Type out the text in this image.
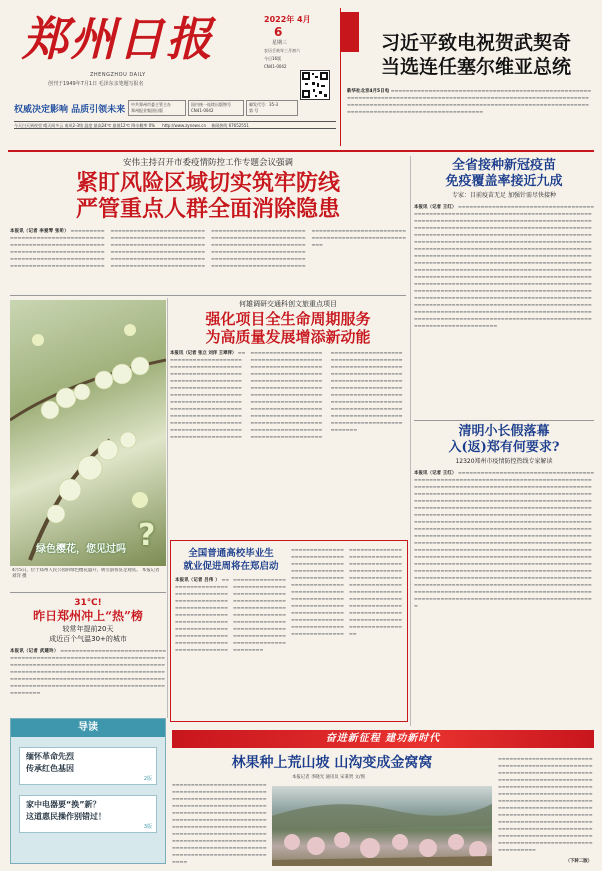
郑州日报
ZHENGZHOU DAILY
创刊于1949年7月1日 毛泽东亲笔题写报名
2022年 4月
6
星期三
农历壬寅年三月初六
今日16版
CN41-0042
权威决定影响 品质引领未来
中共郑州市委主管主办
郑州报业集团出版
国内统一连续出版物号
CN41-0042
邮发代号：35-3
第 号
今天白天到夜里 晴天间多云 南风2-3级 温度 最高24℃ 最低12℃ 降水概率 0% http://www.zynews.cn 新闻热线 67652551
习近平致电祝贺武契奇
当选连任塞尔维亚总统
新华社北京4月5日电 ▬▬▬▬▬▬▬▬▬▬▬▬▬▬▬▬▬▬▬▬▬▬▬▬▬▬▬▬▬▬▬▬▬▬▬▬▬▬▬▬▬▬▬▬▬▬▬▬▬▬▬▬▬▬▬▬▬▬▬▬▬▬▬▬▬▬▬▬▬▬▬▬▬▬▬▬▬▬▬▬▬▬▬▬▬▬▬▬▬▬▬▬▬▬▬▬▬▬▬▬▬▬▬▬▬▬▬▬▬▬▬▬▬▬▬▬▬▬▬▬▬▬▬▬▬▬▬▬▬▬▬▬▬▬▬▬▬▬▬▬▬▬▬▬▬▬▬▬▬▬▬▬▬▬▬▬▬▬▬▬▬▬▬▬▬▬▬▬▬▬▬▬▬▬▬▬▬▬▬▬▬▬▬▬▬▬▬▬▬▬▬▬▬▬▬▬▬▬▬▬▬▬▬▬▬▬▬▬▬▬▬▬▬▬▬▬▬
安伟主持召开市委疫情防控工作专题会议强调
紧盯风险区域切实筑牢防线
严管重点人群全面消除隐患
本报讯（记者 李爱琴 张昕） ▬▬▬▬▬▬▬▬▬▬▬▬▬▬▬▬▬▬▬▬▬▬▬▬▬▬▬▬▬▬▬▬▬▬▬▬▬▬▬▬▬▬▬▬▬▬▬▬▬▬▬▬▬▬▬▬▬▬▬▬▬▬▬▬▬▬▬▬▬▬▬▬▬▬▬▬▬▬▬▬▬▬▬▬▬▬▬▬▬▬▬▬▬▬▬▬▬▬▬▬▬▬▬▬▬▬▬▬▬▬▬▬▬▬▬▬▬▬▬▬▬▬▬▬▬▬▬▬▬▬▬▬▬▬▬▬▬▬▬▬▬▬▬▬▬▬▬▬▬▬▬▬▬▬▬▬▬▬▬▬▬▬▬▬▬▬▬▬▬▬▬▬▬▬▬▬▬▬▬▬▬▬▬▬▬▬▬▬▬▬▬▬▬▬▬▬▬▬▬▬▬▬▬▬▬▬▬▬▬▬▬▬▬▬▬▬▬▬▬▬▬▬▬▬▬▬▬▬▬▬▬▬▬▬▬▬▬▬▬▬▬▬▬▬▬▬▬▬▬▬▬▬▬▬▬▬▬▬▬▬▬▬▬▬▬▬▬▬▬▬▬▬▬▬▬▬▬▬▬▬▬▬▬▬▬▬▬▬▬▬▬▬▬▬▬▬▬▬▬▬▬▬▬▬▬▬▬▬▬▬▬▬▬▬▬▬▬▬▬▬▬▬▬▬▬▬▬▬▬▬▬▬▬▬▬▬▬▬▬▬▬▬▬▬▬▬▬▬▬▬▬▬▬▬▬▬▬▬▬▬▬▬▬▬▬▬▬▬▬▬▬▬▬▬▬▬▬▬▬▬▬▬▬▬▬▬▬▬▬▬▬▬▬▬▬▬▬▬▬▬▬▬▬▬▬▬▬▬▬▬▬▬▬▬▬▬▬▬▬▬▬▬▬▬▬▬▬▬▬▬▬▬▬▬▬▬▬▬▬▬▬▬▬▬▬▬▬▬▬▬▬▬▬▬▬▬▬▬▬▬▬▬▬▬▬▬▬▬▬▬▬▬▬▬▬▬▬▬▬▬▬▬▬▬▬▬▬
何雄调研交通科创文旅重点项目
强化项目全生命周期服务
为高质量发展增添新动能
本报讯（记者 张立 刘洋 王翠萍） ▬▬▬▬▬▬▬▬▬▬▬▬▬▬▬▬▬▬▬▬▬▬▬▬▬▬▬▬▬▬▬▬▬▬▬▬▬▬▬▬▬▬▬▬▬▬▬▬▬▬▬▬▬▬▬▬▬▬▬▬▬▬▬▬▬▬▬▬▬▬▬▬▬▬▬▬▬▬▬▬▬▬▬▬▬▬▬▬▬▬▬▬▬▬▬▬▬▬▬▬▬▬▬▬▬▬▬▬▬▬▬▬▬▬▬▬▬▬▬▬▬▬▬▬▬▬▬▬▬▬▬▬▬▬▬▬▬▬▬▬▬▬▬▬▬▬▬▬▬▬▬▬▬▬▬▬▬▬▬▬▬▬▬▬▬▬▬▬▬▬▬▬▬▬▬▬▬▬▬▬▬▬▬▬▬▬▬▬▬▬▬▬▬▬▬▬▬▬▬▬▬▬▬▬▬▬▬▬▬▬▬▬▬▬▬▬▬▬▬▬▬▬▬▬▬▬▬▬▬▬▬▬▬▬▬▬▬▬▬▬▬▬▬▬▬▬▬▬▬▬▬▬▬▬▬▬▬▬▬▬▬▬▬▬▬▬▬▬▬▬▬▬▬▬▬▬▬▬▬▬▬▬▬▬▬▬▬▬▬▬▬▬▬▬▬▬▬▬▬▬▬▬▬▬▬▬▬▬▬▬▬▬▬▬▬▬▬▬▬▬▬▬▬▬▬▬▬▬▬▬▬▬▬▬▬▬▬▬▬▬▬▬▬▬▬▬▬▬▬▬▬▬▬▬▬▬▬▬▬▬▬▬▬▬▬▬▬▬▬▬▬▬▬▬▬▬▬▬▬▬▬▬▬▬▬▬▬▬▬▬▬▬▬▬▬▬▬▬▬▬▬▬▬▬▬▬▬▬▬▬▬▬▬▬▬▬▬▬▬▬▬▬▬▬▬▬▬▬▬▬▬▬▬▬▬▬▬▬▬▬▬▬▬▬▬▬▬▬▬▬▬▬▬▬▬▬▬▬▬▬▬▬▬▬▬▬▬▬▬▬▬▬▬▬▬▬▬▬▬▬▬▬▬▬▬▬▬▬▬▬▬▬▬▬▬▬▬▬▬▬▬▬▬▬▬▬▬▬▬▬▬▬▬▬▬▬▬▬▬▬▬▬▬▬▬▬▬▬▬▬▬▬▬▬▬▬▬▬▬▬▬▬▬▬▬▬▬▬▬▬▬▬▬▬▬▬▬▬▬▬▬▬▬▬▬▬▬▬▬▬▬▬▬▬▬▬▬▬▬▬▬▬▬▬▬▬▬▬▬▬▬▬▬▬▬▬▬▬▬▬▬▬▬▬▬▬▬▬▬▬▬▬▬▬▬▬▬▬▬▬▬▬▬▬▬▬▬▬▬▬▬▬▬▬▬▬▬▬▬▬▬▬▬▬▬▬▬▬▬▬▬▬▬▬▬▬▬▬▬▬▬▬▬▬▬▬▬▬▬▬▬▬▬▬▬▬▬▬▬▬▬▬▬▬▬▬▬▬▬▬▬▬▬
绿色樱花，您见过吗 ?
4月5日，位于郑州人民公园的绿色樱花盛开，吸引游客驻足观赏。 本报记者 刘洋 摄
31℃!
昨日郑州冲上“热”榜
较常年提前20天
成近百个气温30+的城市
本报讯（记者 武建玲） ▬▬▬▬▬▬▬▬▬▬▬▬▬▬▬▬▬▬▬▬▬▬▬▬▬▬▬▬▬▬▬▬▬▬▬▬▬▬▬▬▬▬▬▬▬▬▬▬▬▬▬▬▬▬▬▬▬▬▬▬▬▬▬▬▬▬▬▬▬▬▬▬▬▬▬▬▬▬▬▬▬▬▬▬▬▬▬▬▬▬▬▬▬▬▬▬▬▬▬▬▬▬▬▬▬▬▬▬▬▬▬▬▬▬▬▬▬▬▬▬▬▬▬▬▬▬▬▬▬▬▬▬▬▬▬▬▬▬▬▬▬▬▬▬▬▬▬▬▬▬▬▬▬▬▬▬▬▬▬▬▬▬▬▬▬▬▬▬▬▬▬▬▬▬▬▬▬▬▬▬▬▬▬▬▬▬▬▬▬▬▬▬▬▬▬▬▬▬▬▬▬▬▬▬▬▬▬▬▬▬▬▬▬▬▬▬▬▬▬▬▬▬▬▬▬▬▬▬▬▬▬▬▬▬▬▬▬▬▬▬▬
全国普通高校毕业生
就业促进周将在郑启动
本报讯（记者 吕伟 ） ▬▬▬▬▬▬▬▬▬▬▬▬▬▬▬▬▬▬▬▬▬▬▬▬▬▬▬▬▬▬▬▬▬▬▬▬▬▬▬▬▬▬▬▬▬▬▬▬▬▬▬▬▬▬▬▬▬▬▬▬▬▬▬▬▬▬▬▬▬▬▬▬▬▬▬▬▬▬▬▬▬▬▬▬▬▬▬▬▬▬▬▬▬▬▬▬▬▬▬▬▬▬▬▬▬▬▬▬▬▬▬▬▬▬▬▬▬▬▬▬▬▬▬▬▬▬▬▬▬▬▬▬▬▬▬▬▬▬▬▬▬▬▬▬▬▬▬▬▬▬▬▬▬▬▬▬▬▬▬▬▬▬▬▬▬▬▬▬▬▬▬▬▬▬▬▬▬▬▬▬▬▬▬▬▬▬▬▬▬▬▬▬▬▬▬▬▬▬▬▬▬▬▬▬▬▬▬▬▬▬▬▬▬▬▬▬▬▬▬▬▬▬▬▬▬▬▬▬▬▬▬▬▬▬▬▬▬▬▬▬▬▬▬▬▬▬▬▬▬▬▬▬▬▬▬▬▬▬▬▬▬▬▬▬▬▬▬▬▬▬▬▬▬▬▬▬▬▬▬▬▬▬▬▬▬▬▬▬▬▬
▬▬▬▬▬▬▬▬▬▬▬▬▬▬▬▬▬▬▬▬▬▬▬▬▬▬▬▬▬▬▬▬▬▬▬▬▬▬▬▬▬▬▬▬▬▬▬▬▬▬▬▬▬▬▬▬▬▬▬▬▬▬▬▬▬▬▬▬▬▬▬▬▬▬▬▬▬▬▬▬▬▬▬▬▬▬▬▬▬▬▬▬▬▬▬▬▬▬▬▬▬▬▬▬▬▬▬▬▬▬▬▬▬▬▬▬▬▬▬▬▬▬▬▬▬▬▬▬▬▬▬▬▬▬▬▬▬▬▬▬▬▬▬▬▬▬▬▬▬▬▬▬▬▬▬▬▬▬▬▬▬▬▬▬▬▬▬▬▬▬▬▬▬▬▬▬▬▬▬▬▬▬▬▬▬▬▬▬▬▬▬▬▬▬▬▬▬▬▬▬▬▬▬▬▬▬▬▬▬▬▬▬▬▬▬▬▬▬▬▬▬▬▬▬▬▬▬▬▬▬▬▬▬▬▬▬▬▬▬▬▬▬▬▬▬▬▬▬▬▬▬▬▬▬▬▬▬▬▬▬▬▬▬▬▬▬▬▬▬▬▬▬▬▬▬▬▬▬▬▬▬▬▬▬▬▬▬▬▬▬▬▬▬▬▬▬▬▬▬▬▬▬▬▬▬▬▬▬▬▬▬▬▬▬▬▬▬▬▬▬▬▬▬▬▬▬▬▬▬▬▬▬▬▬▬▬▬▬▬▬▬▬▬▬▬▬▬▬▬▬▬▬
全省接种新冠疫苗
免疫覆盖率接近九成
专家：目前疫苗无足 加强针需尽快接种
本报讯（记者 王红） ▬▬▬▬▬▬▬▬▬▬▬▬▬▬▬▬▬▬▬▬▬▬▬▬▬▬▬▬▬▬▬▬▬▬▬▬▬▬▬▬▬▬▬▬▬▬▬▬▬▬▬▬▬▬▬▬▬▬▬▬▬▬▬▬▬▬▬▬▬▬▬▬▬▬▬▬▬▬▬▬▬▬▬▬▬▬▬▬▬▬▬▬▬▬▬▬▬▬▬▬▬▬▬▬▬▬▬▬▬▬▬▬▬▬▬▬▬▬▬▬▬▬▬▬▬▬▬▬▬▬▬▬▬▬▬▬▬▬▬▬▬▬▬▬▬▬▬▬▬▬▬▬▬▬▬▬▬▬▬▬▬▬▬▬▬▬▬▬▬▬▬▬▬▬▬▬▬▬▬▬▬▬▬▬▬▬▬▬▬▬▬▬▬▬▬▬▬▬▬▬▬▬▬▬▬▬▬▬▬▬▬▬▬▬▬▬▬▬▬▬▬▬▬▬▬▬▬▬▬▬▬▬▬▬▬▬▬▬▬▬▬▬▬▬▬▬▬▬▬▬▬▬▬▬▬▬▬▬▬▬▬▬▬▬▬▬▬▬▬▬▬▬▬▬▬▬▬▬▬▬▬▬▬▬▬▬▬▬▬▬▬▬▬▬▬▬▬▬▬▬▬▬▬▬▬▬▬▬▬▬▬▬▬▬▬▬▬▬▬▬▬▬▬▬▬▬▬▬▬▬▬▬▬▬▬▬▬▬▬▬▬▬▬▬▬▬▬▬▬▬▬▬▬▬▬▬▬▬▬▬▬▬▬▬▬▬▬▬▬▬▬▬▬▬▬▬▬▬▬▬▬▬▬▬▬▬▬▬▬▬▬▬▬▬▬▬▬▬▬▬▬▬▬▬▬▬▬▬▬▬▬▬▬▬▬▬▬▬▬▬▬▬▬▬▬▬▬▬▬▬▬▬▬▬▬▬▬▬▬▬▬▬▬▬▬▬▬▬▬▬▬▬▬▬▬▬▬▬▬▬▬▬▬▬▬▬▬▬▬▬▬▬▬▬▬▬▬▬▬▬▬▬▬▬▬▬▬▬▬▬▬▬▬▬▬▬▬▬▬▬▬▬▬▬▬▬▬▬▬▬▬▬▬▬▬▬▬▬▬▬▬▬▬▬▬▬▬▬▬▬▬▬▬▬▬▬▬▬▬▬▬▬▬▬▬▬▬▬▬▬▬▬▬▬▬▬▬▬▬▬▬▬▬▬▬▬▬▬▬▬▬▬▬▬▬▬▬▬▬▬▬▬▬▬▬▬▬▬▬▬▬▬▬▬▬▬▬▬▬▬▬▬▬▬▬▬▬▬▬▬▬▬▬▬▬▬▬▬▬▬▬▬▬▬▬▬▬▬▬▬▬▬▬▬▬▬▬▬▬▬▬▬▬▬▬▬▬▬▬▬▬▬▬▬▬▬▬▬▬▬▬▬▬▬▬▬▬▬▬▬▬▬▬▬▬▬▬▬▬▬▬▬▬▬▬▬▬▬▬▬▬▬▬▬▬▬▬▬▬▬▬▬▬▬▬▬▬▬▬▬▬▬▬▬▬▬▬▬▬▬▬▬▬▬▬▬▬▬▬▬▬▬▬▬▬▬▬▬▬▬▬▬▬▬▬▬▬▬▬▬▬▬▬▬▬▬▬▬▬▬▬▬▬▬▬▬▬▬▬▬▬▬▬▬▬▬▬▬▬▬▬▬▬▬▬▬▬▬▬▬▬▬▬▬▬▬▬▬▬▬▬▬▬▬▬▬▬▬▬▬
清明小长假落幕
入(返)郑有何要求?
12320郑州市疫情防控热线专家解读
本报讯（记者 王红） ▬▬▬▬▬▬▬▬▬▬▬▬▬▬▬▬▬▬▬▬▬▬▬▬▬▬▬▬▬▬▬▬▬▬▬▬▬▬▬▬▬▬▬▬▬▬▬▬▬▬▬▬▬▬▬▬▬▬▬▬▬▬▬▬▬▬▬▬▬▬▬▬▬▬▬▬▬▬▬▬▬▬▬▬▬▬▬▬▬▬▬▬▬▬▬▬▬▬▬▬▬▬▬▬▬▬▬▬▬▬▬▬▬▬▬▬▬▬▬▬▬▬▬▬▬▬▬▬▬▬▬▬▬▬▬▬▬▬▬▬▬▬▬▬▬▬▬▬▬▬▬▬▬▬▬▬▬▬▬▬▬▬▬▬▬▬▬▬▬▬▬▬▬▬▬▬▬▬▬▬▬▬▬▬▬▬▬▬▬▬▬▬▬▬▬▬▬▬▬▬▬▬▬▬▬▬▬▬▬▬▬▬▬▬▬▬▬▬▬▬▬▬▬▬▬▬▬▬▬▬▬▬▬▬▬▬▬▬▬▬▬▬▬▬▬▬▬▬▬▬▬▬▬▬▬▬▬▬▬▬▬▬▬▬▬▬▬▬▬▬▬▬▬▬▬▬▬▬▬▬▬▬▬▬▬▬▬▬▬▬▬▬▬▬▬▬▬▬▬▬▬▬▬▬▬▬▬▬▬▬▬▬▬▬▬▬▬▬▬▬▬▬▬▬▬▬▬▬▬▬▬▬▬▬▬▬▬▬▬▬▬▬▬▬▬▬▬▬▬▬▬▬▬▬▬▬▬▬▬▬▬▬▬▬▬▬▬▬▬▬▬▬▬▬▬▬▬▬▬▬▬▬▬▬▬▬▬▬▬▬▬▬▬▬▬▬▬▬▬▬▬▬▬▬▬▬▬▬▬▬▬▬▬▬▬▬▬▬▬▬▬▬▬▬▬▬▬▬▬▬▬▬▬▬▬▬▬▬▬▬▬▬▬▬▬▬▬▬▬▬▬▬▬▬▬▬▬▬▬▬▬▬▬▬▬▬▬▬▬▬▬▬▬▬▬▬▬▬▬▬▬▬▬▬▬▬▬▬▬▬▬▬▬▬▬▬▬▬▬▬▬▬▬▬▬▬▬▬▬▬▬▬▬▬▬▬▬▬▬▬▬▬▬▬▬▬▬▬▬▬▬▬▬▬▬▬▬▬▬▬▬▬▬▬▬▬▬▬▬▬▬▬▬▬▬▬▬▬▬▬▬▬▬▬▬▬▬▬▬▬▬▬▬▬▬▬▬▬▬▬▬▬▬▬▬▬▬▬▬▬▬▬▬▬▬▬▬▬▬▬▬▬▬▬▬▬▬▬▬▬▬▬▬▬▬▬▬▬▬▬▬▬▬▬▬▬▬▬▬▬▬▬▬▬▬▬▬▬▬▬▬▬▬▬▬▬▬▬▬▬▬▬▬▬▬▬▬▬▬▬▬▬▬▬▬▬▬▬▬▬▬▬▬▬▬▬▬▬▬▬▬▬▬▬▬▬▬▬▬▬▬▬▬▬▬▬▬▬▬▬▬▬▬▬▬▬▬▬▬▬▬▬▬▬▬▬▬▬▬▬▬▬▬▬▬▬▬▬▬▬▬▬▬▬▬▬▬▬▬▬▬▬▬▬▬▬▬▬▬▬▬▬▬▬▬▬▬▬▬▬▬▬▬▬▬▬▬▬▬▬▬▬▬▬▬▬▬▬▬▬▬▬▬▬▬▬▬▬▬▬▬▬▬▬▬▬▬▬▬▬▬▬▬▬▬▬▬▬▬▬▬▬▬▬▬▬▬▬▬▬▬▬▬▬▬▬▬▬▬▬▬▬▬▬▬▬▬▬▬▬▬▬▬▬▬▬▬▬▬▬▬▬▬▬▬▬▬▬▬▬▬▬▬▬▬▬▬▬▬▬▬▬▬▬▬▬▬▬▬▬▬▬▬
导读
缅怀革命先烈
传承红色基因
2版
家中电器要“换”新？
这道惠民操作别错过！
3版
奋进新征程 建功新时代
林果种上荒山坡 山沟变成金窝窝
本报记者 李晓光 通讯员 宋秉贤 文/图
▬▬▬▬▬▬▬▬▬▬▬▬▬▬▬▬▬▬▬▬▬▬▬▬▬▬▬▬▬▬▬▬▬▬▬▬▬▬▬▬▬▬▬▬▬▬▬▬▬▬▬▬▬▬▬▬▬▬▬▬▬▬▬▬▬▬▬▬▬▬▬▬▬▬▬▬▬▬▬▬▬▬▬▬▬▬▬▬▬▬▬▬▬▬▬▬▬▬▬▬▬▬▬▬▬▬▬▬▬▬▬▬▬▬▬▬▬▬▬▬▬▬▬▬▬▬▬▬▬▬▬▬▬▬▬▬▬▬▬▬▬▬▬▬▬▬▬▬▬▬▬▬▬▬▬▬▬▬▬▬▬▬▬▬▬▬▬▬▬▬▬▬▬▬▬▬▬▬▬▬▬▬▬▬▬▬▬▬▬▬▬▬▬▬▬▬▬▬▬▬▬▬▬▬▬▬▬▬▬▬▬▬▬▬▬▬▬▬▬▬▬▬▬▬▬▬▬▬▬▬▬▬▬▬▬▬▬▬▬▬▬▬▬▬▬▬▬▬▬▬▬▬▬▬▬▬▬▬▬▬▬▬▬▬▬▬▬▬▬▬▬▬▬▬▬▬▬▬▬
▬▬▬▬▬▬▬▬▬▬▬▬▬▬▬▬▬▬▬▬▬▬▬▬▬▬▬▬▬▬▬▬▬▬▬▬▬▬▬▬▬▬▬▬▬▬▬▬▬▬▬▬▬▬▬▬▬▬▬▬▬▬▬▬▬▬▬▬▬▬▬▬▬▬▬▬▬▬▬▬▬▬▬▬▬▬▬▬▬▬▬▬▬▬▬▬▬▬▬▬▬▬▬▬▬▬▬▬▬▬▬▬▬▬▬▬▬▬▬▬▬▬▬▬▬▬▬▬▬▬▬▬▬▬▬▬▬▬▬▬▬▬▬▬▬▬▬▬▬▬▬▬▬▬▬▬▬▬▬▬▬▬▬▬▬▬▬▬▬▬▬▬▬▬▬▬▬▬▬▬▬▬▬▬▬▬▬▬▬▬▬▬▬▬▬▬▬▬▬▬▬▬▬▬▬▬▬▬▬▬▬▬▬▬▬▬▬▬▬▬▬▬▬▬▬▬▬▬▬▬▬▬▬▬▬▬▬▬▬▬▬▬▬▬▬▬▬▬▬▬▬▬▬▬▬▬▬▬▬▬▬▬▬▬▬▬▬▬▬▬▬▬▬▬▬▬▬▬▬▬▬▬▬▬▬▬▬▬▬▬▬▬▬▬▬▬▬▬▬▬▬▬▬▬▬▬▬▬▬▬▬▬▬▬▬▬▬▬▬▬▬▬▬▬▬▬▬▬▬▬▬▬▬▬▬
（下转二版）
